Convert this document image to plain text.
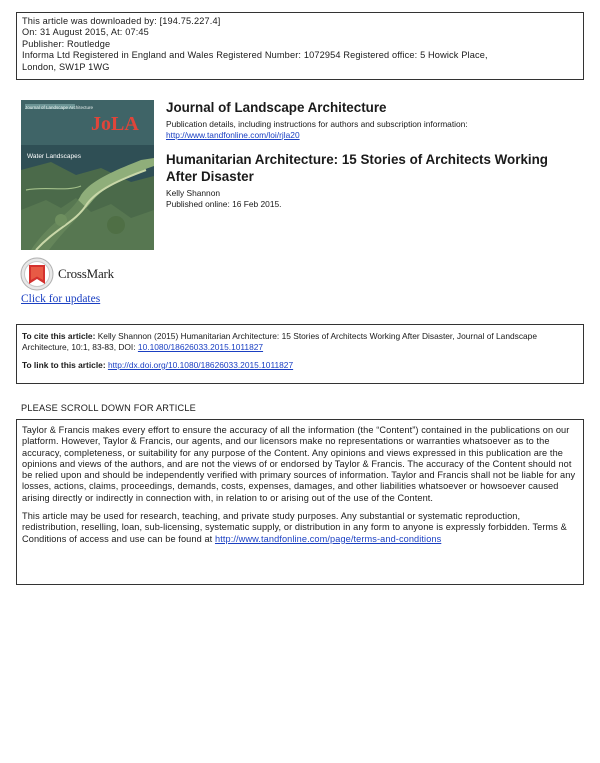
This article was downloaded by: [194.75.227.4]
On: 31 August 2015, At: 07:45
Publisher: Routledge
Informa Ltd Registered in England and Wales Registered Number: 1072954 Registered office: 5 Howick Place,
London, SW1P 1WG
Journal of Landscape Architecture
JoLA
Water Landscapes
Journal of Landscape Architecture
Publication details, including instructions for authors and subscription information:
http://www.tandfonline.com/loi/rjla20
Humanitarian Architecture: 15 Stories of Architects Working After Disaster
Kelly Shannon
Published online: 16 Feb 2015.
CrossMark
Click for updates
To cite this article: Kelly Shannon (2015) Humanitarian Architecture: 15 Stories of Architects Working After Disaster, Journal of Landscape Architecture, 10:1, 83-83, DOI: 10.1080/18626033.2015.1011827
To link to this article: http://dx.doi.org/10.1080/18626033.2015.1011827
PLEASE SCROLL DOWN FOR ARTICLE
Taylor & Francis makes every effort to ensure the accuracy of all the information (the “Content”) contained in the publications on our platform. However, Taylor & Francis, our agents, and our licensors make no representations or warranties whatsoever as to the accuracy, completeness, or suitability for any purpose of the Content. Any opinions and views expressed in this publication are the opinions and views of the authors, and are not the views of or endorsed by Taylor & Francis. The accuracy of the Content should not be relied upon and should be independently verified with primary sources of information. Taylor and Francis shall not be liable for any losses, actions, claims, proceedings, demands, costs, expenses, damages, and other liabilities whatsoever or howsoever caused arising directly or indirectly in connection with, in relation to or arising out of the use of the Content.
This article may be used for research, teaching, and private study purposes. Any substantial or systematic reproduction, redistribution, reselling, loan, sub-licensing, systematic supply, or distribution in any form to anyone is expressly forbidden. Terms & Conditions of access and use can be found at http://www.tandfonline.com/page/terms-and-conditions
